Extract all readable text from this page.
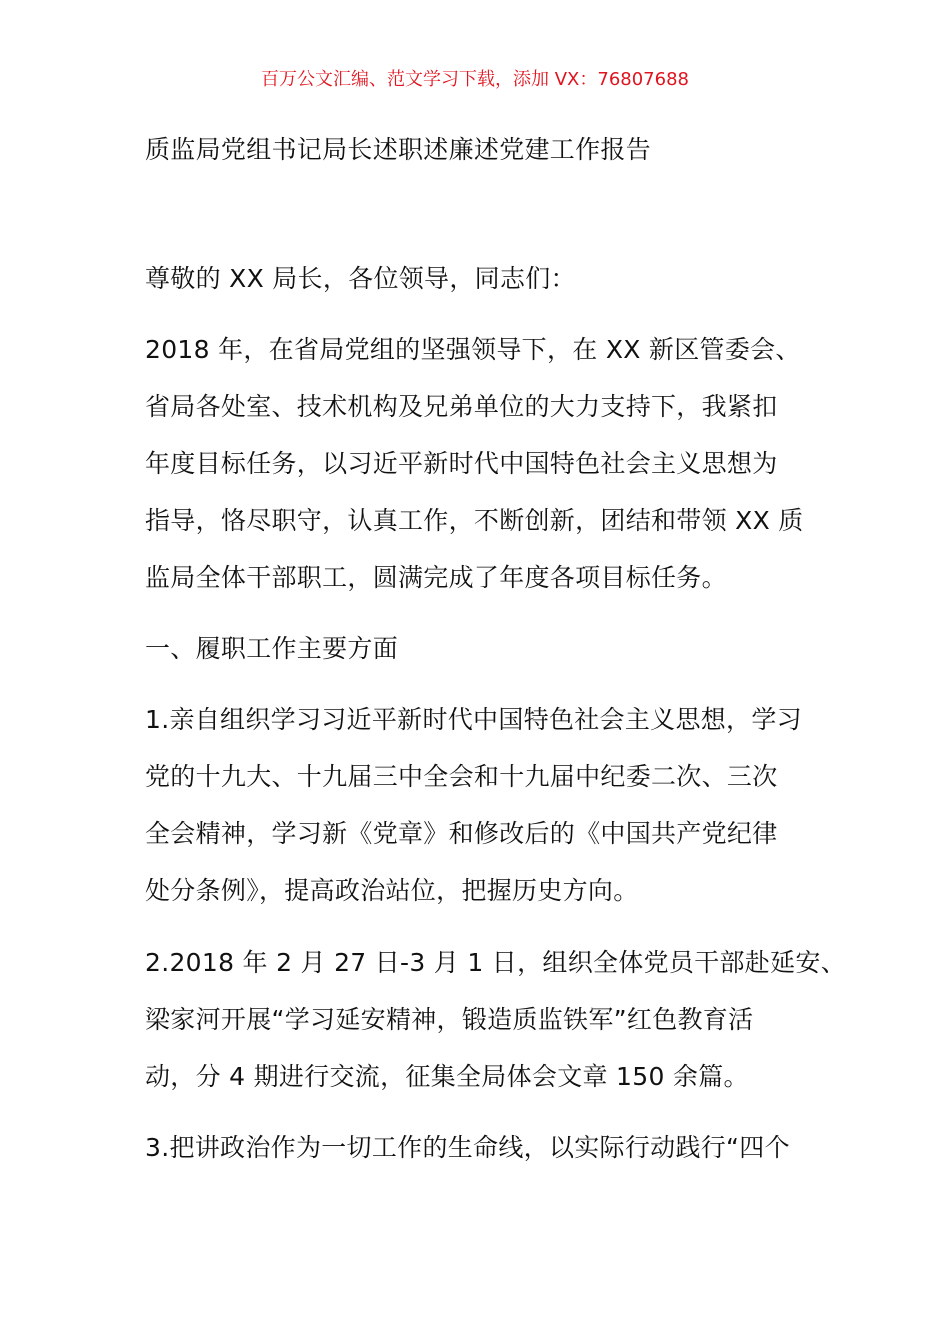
百万公文汇编、范文学习下载，添加 VX：76807688
质监局党组书记局长述职述廉述党建工作报告
尊敬的 XX 局长，各位领导，同志们：
2018 年，在省局党组的坚强领导下，在 XX 新区管委会、
省局各处室、技术机构及兄弟单位的大力支持下，我紧扣
年度目标任务，以习近平新时代中国特色社会主义思想为
指导，恪尽职守，认真工作，不断创新，团结和带领 XX 质
监局全体干部职工，圆满完成了年度各项目标任务。
一、履职工作主要方面
1.亲自组织学习习近平新时代中国特色社会主义思想，学习
党的十九大、十九届三中全会和十九届中纪委二次、三次
全会精神，学习新《党章》和修改后的《中国共产党纪律
处分条例》，提高政治站位，把握历史方向。
2.2018 年 2 月 27 日-3 月 1 日，组织全体党员干部赴延安、
梁家河开展“学习延安精神，锻造质监铁军”红色教育活
动，分 4 期进行交流，征集全局体会文章 150 余篇。
3.把讲政治作为一切工作的生命线，以实际行动践行“四个
